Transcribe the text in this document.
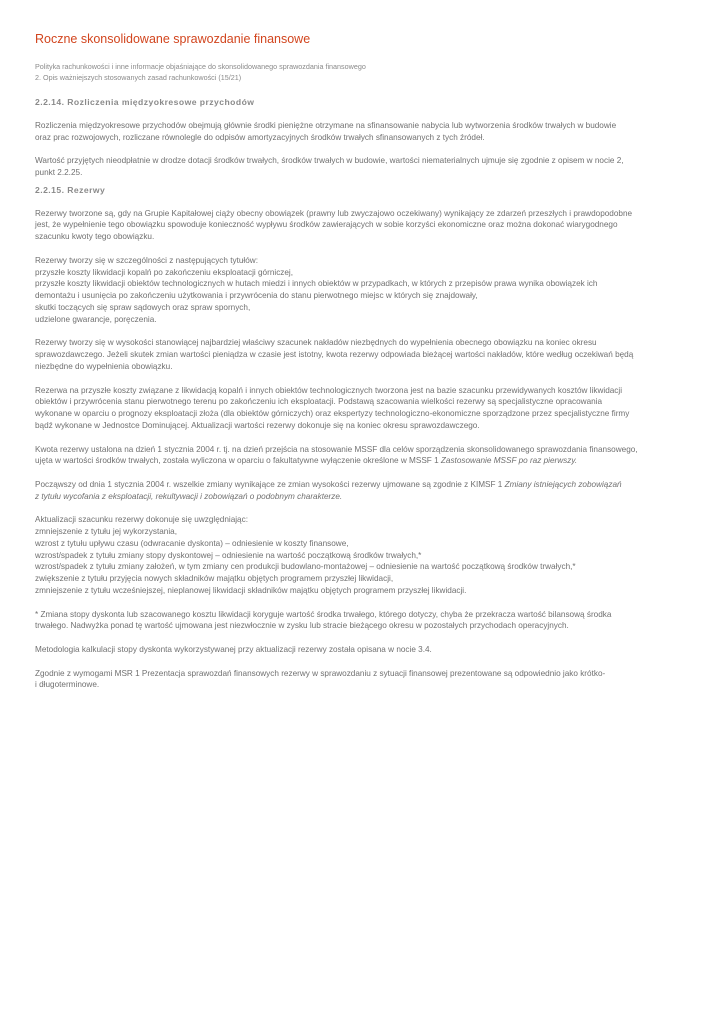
Roczne skonsolidowane sprawozdanie finansowe
Polityka rachunkowości i inne informacje objaśniające do skonsolidowanego sprawozdania finansowego
2. Opis ważniejszych stosowanych zasad rachunkowości (15/21)
2.2.14. Rozliczenia międzyokresowe przychodów
Rozliczenia międzyokresowe przychodów obejmują głównie środki pieniężne otrzymane na sfinansowanie nabycia lub wytworzenia środków trwałych w budowie
oraz prac rozwojowych, rozliczane równolegle do odpisów amortyzacyjnych środków trwałych sfinansowanych z tych źródeł.
Wartość przyjętych nieodpłatnie w drodze dotacji środków trwałych, środków trwałych w budowie, wartości niematerialnych ujmuje się zgodnie z opisem w nocie 2,
punkt 2.2.25.
2.2.15. Rezerwy
Rezerwy tworzone są, gdy na Grupie Kapitałowej ciąży obecny obowiązek (prawny lub zwyczajowo oczekiwany) wynikający ze zdarzeń przeszłych i prawdopodobne
jest, że wypełnienie tego obowiązku spowoduje konieczność wypływu środków zawierających w sobie korzyści ekonomiczne oraz można dokonać wiarygodnego
szacunku kwoty tego obowiązku.
Rezerwy tworzy się w szczególności z następujących tytułów:
przyszłe koszty likwidacji kopalń po zakończeniu eksploatacji górniczej,
przyszłe koszty likwidacji obiektów technologicznych w hutach miedzi i innych obiektów w przypadkach, w których z przepisów prawa wynika obowiązek ich
demontażu i usunięcia po zakończeniu użytkowania i przywrócenia do stanu pierwotnego miejsc w których się znajdowały,
skutki toczących się spraw sądowych oraz spraw spornych,
udzielone gwarancje, poręczenia.
Rezerwy tworzy się w wysokości stanowiącej najbardziej właściwy szacunek nakładów niezbędnych do wypełnienia obecnego obowiązku na koniec okresu
sprawozdawczego. Jeżeli skutek zmian wartości pieniądza w czasie jest istotny, kwota rezerwy odpowiada bieżącej wartości nakładów, które według oczekiwań będą
niezbędne do wypełnienia obowiązku.
Rezerwa na przyszłe koszty związane z likwidacją kopalń i innych obiektów technologicznych tworzona jest na bazie szacunku przewidywanych kosztów likwidacji
obiektów i przywrócenia stanu pierwotnego terenu po zakończeniu ich eksploatacji. Podstawą szacowania wielkości rezerwy są specjalistyczne opracowania
wykonane w oparciu o prognozy eksploatacji złoża (dla obiektów górniczych) oraz ekspertyzy technologiczno-ekonomiczne sporządzone przez specjalistyczne firmy
bądź wykonane w Jednostce Dominującej. Aktualizacji wartości rezerwy dokonuje się na koniec okresu sprawozdawczego.
Kwota rezerwy ustalona na dzień 1 stycznia 2004 r. tj. na dzień przejścia na stosowanie MSSF dla celów sporządzenia skonsolidowanego sprawozdania finansowego,
ujęta w wartości środków trwałych, została wyliczona w oparciu o fakultatywne wyłączenie określone w MSSF 1 Zastosowanie MSSF po raz pierwszy.
Począwszy od dnia 1 stycznia 2004 r. wszelkie zmiany wynikające ze zmian wysokości rezerwy ujmowane są zgodnie z KIMSF 1 Zmiany istniejących zobowiązań
z tytułu wycofania z eksploatacji, rekultywacji i zobowiązań o podobnym charakterze.
Aktualizacji szacunku rezerwy dokonuje się uwzględniając:
zmniejszenie z tytułu jej wykorzystania,
wzrost z tytułu upływu czasu (odwracanie dyskonta) – odniesienie w koszty finansowe,
wzrost/spadek z tytułu zmiany stopy dyskontowej – odniesienie na wartość początkową środków trwałych,*
wzrost/spadek z tytułu zmiany założeń, w tym zmiany cen produkcji budowlano-montażowej – odniesienie na wartość początkową środków trwałych,*
zwiększenie z tytułu przyjęcia nowych składników majątku objętych programem przyszłej likwidacji,
zmniejszenie z tytułu wcześniejszej, nieplanowej likwidacji składników majątku objętych programem przyszłej likwidacji.
* Zmiana stopy dyskonta lub szacowanego kosztu likwidacji koryguje wartość środka trwałego, którego dotyczy, chyba że przekracza wartość bilansową środka
trwałego. Nadwyżka ponad tę wartość ujmowana jest niezwłocznie w zysku lub stracie bieżącego okresu w pozostałych przychodach operacyjnych.
Metodologia kalkulacji stopy dyskonta wykorzystywanej przy aktualizacji rezerwy została opisana w nocie 3.4.
Zgodnie z wymogami MSR 1 Prezentacja sprawozdań finansowych rezerwy w sprawozdaniu z sytuacji finansowej prezentowane są odpowiednio jako krótko-
i długoterminowe.
